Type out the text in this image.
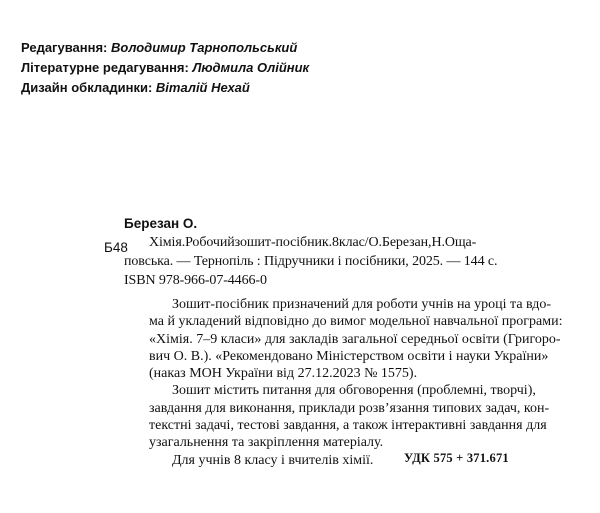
Редагування: Володимир Тарнопольський
Літературне редагування: Людмила Олійник
Дизайн обкладинки: Віталій Нехай
Березан О.
Б48 Хімія.Робочийзошит-посібник.8клас/О.Березан,Н.Оща-
повська. — Тернопіль : Підручники і посібники, 2025. — 144 с.
ISBN 978-966-07-4466-0
Зошит-посібник призначений для роботи учнів на уроці та вдо-
ма й укладений відповідно до вимог модельної навчальної програми:
«Хімія. 7–9 класи» для закладів загальної середньої освіти (Григоро-
вич О. В.). «Рекомендовано Міністерством освіти і науки України»
(наказ МОН України від 27.12.2023 № 1575).
Зошит містить питання для обговорення (проблемні, творчі),
завдання для виконання, приклади розв’язання типових задач, кон-
текстні задачі, тестові завдання, а також інтерактивні завдання для
узагальнення та закріплення матеріалу.
Для учнів 8 класу і вчителів хімії.	УДК 575 + 371.671
